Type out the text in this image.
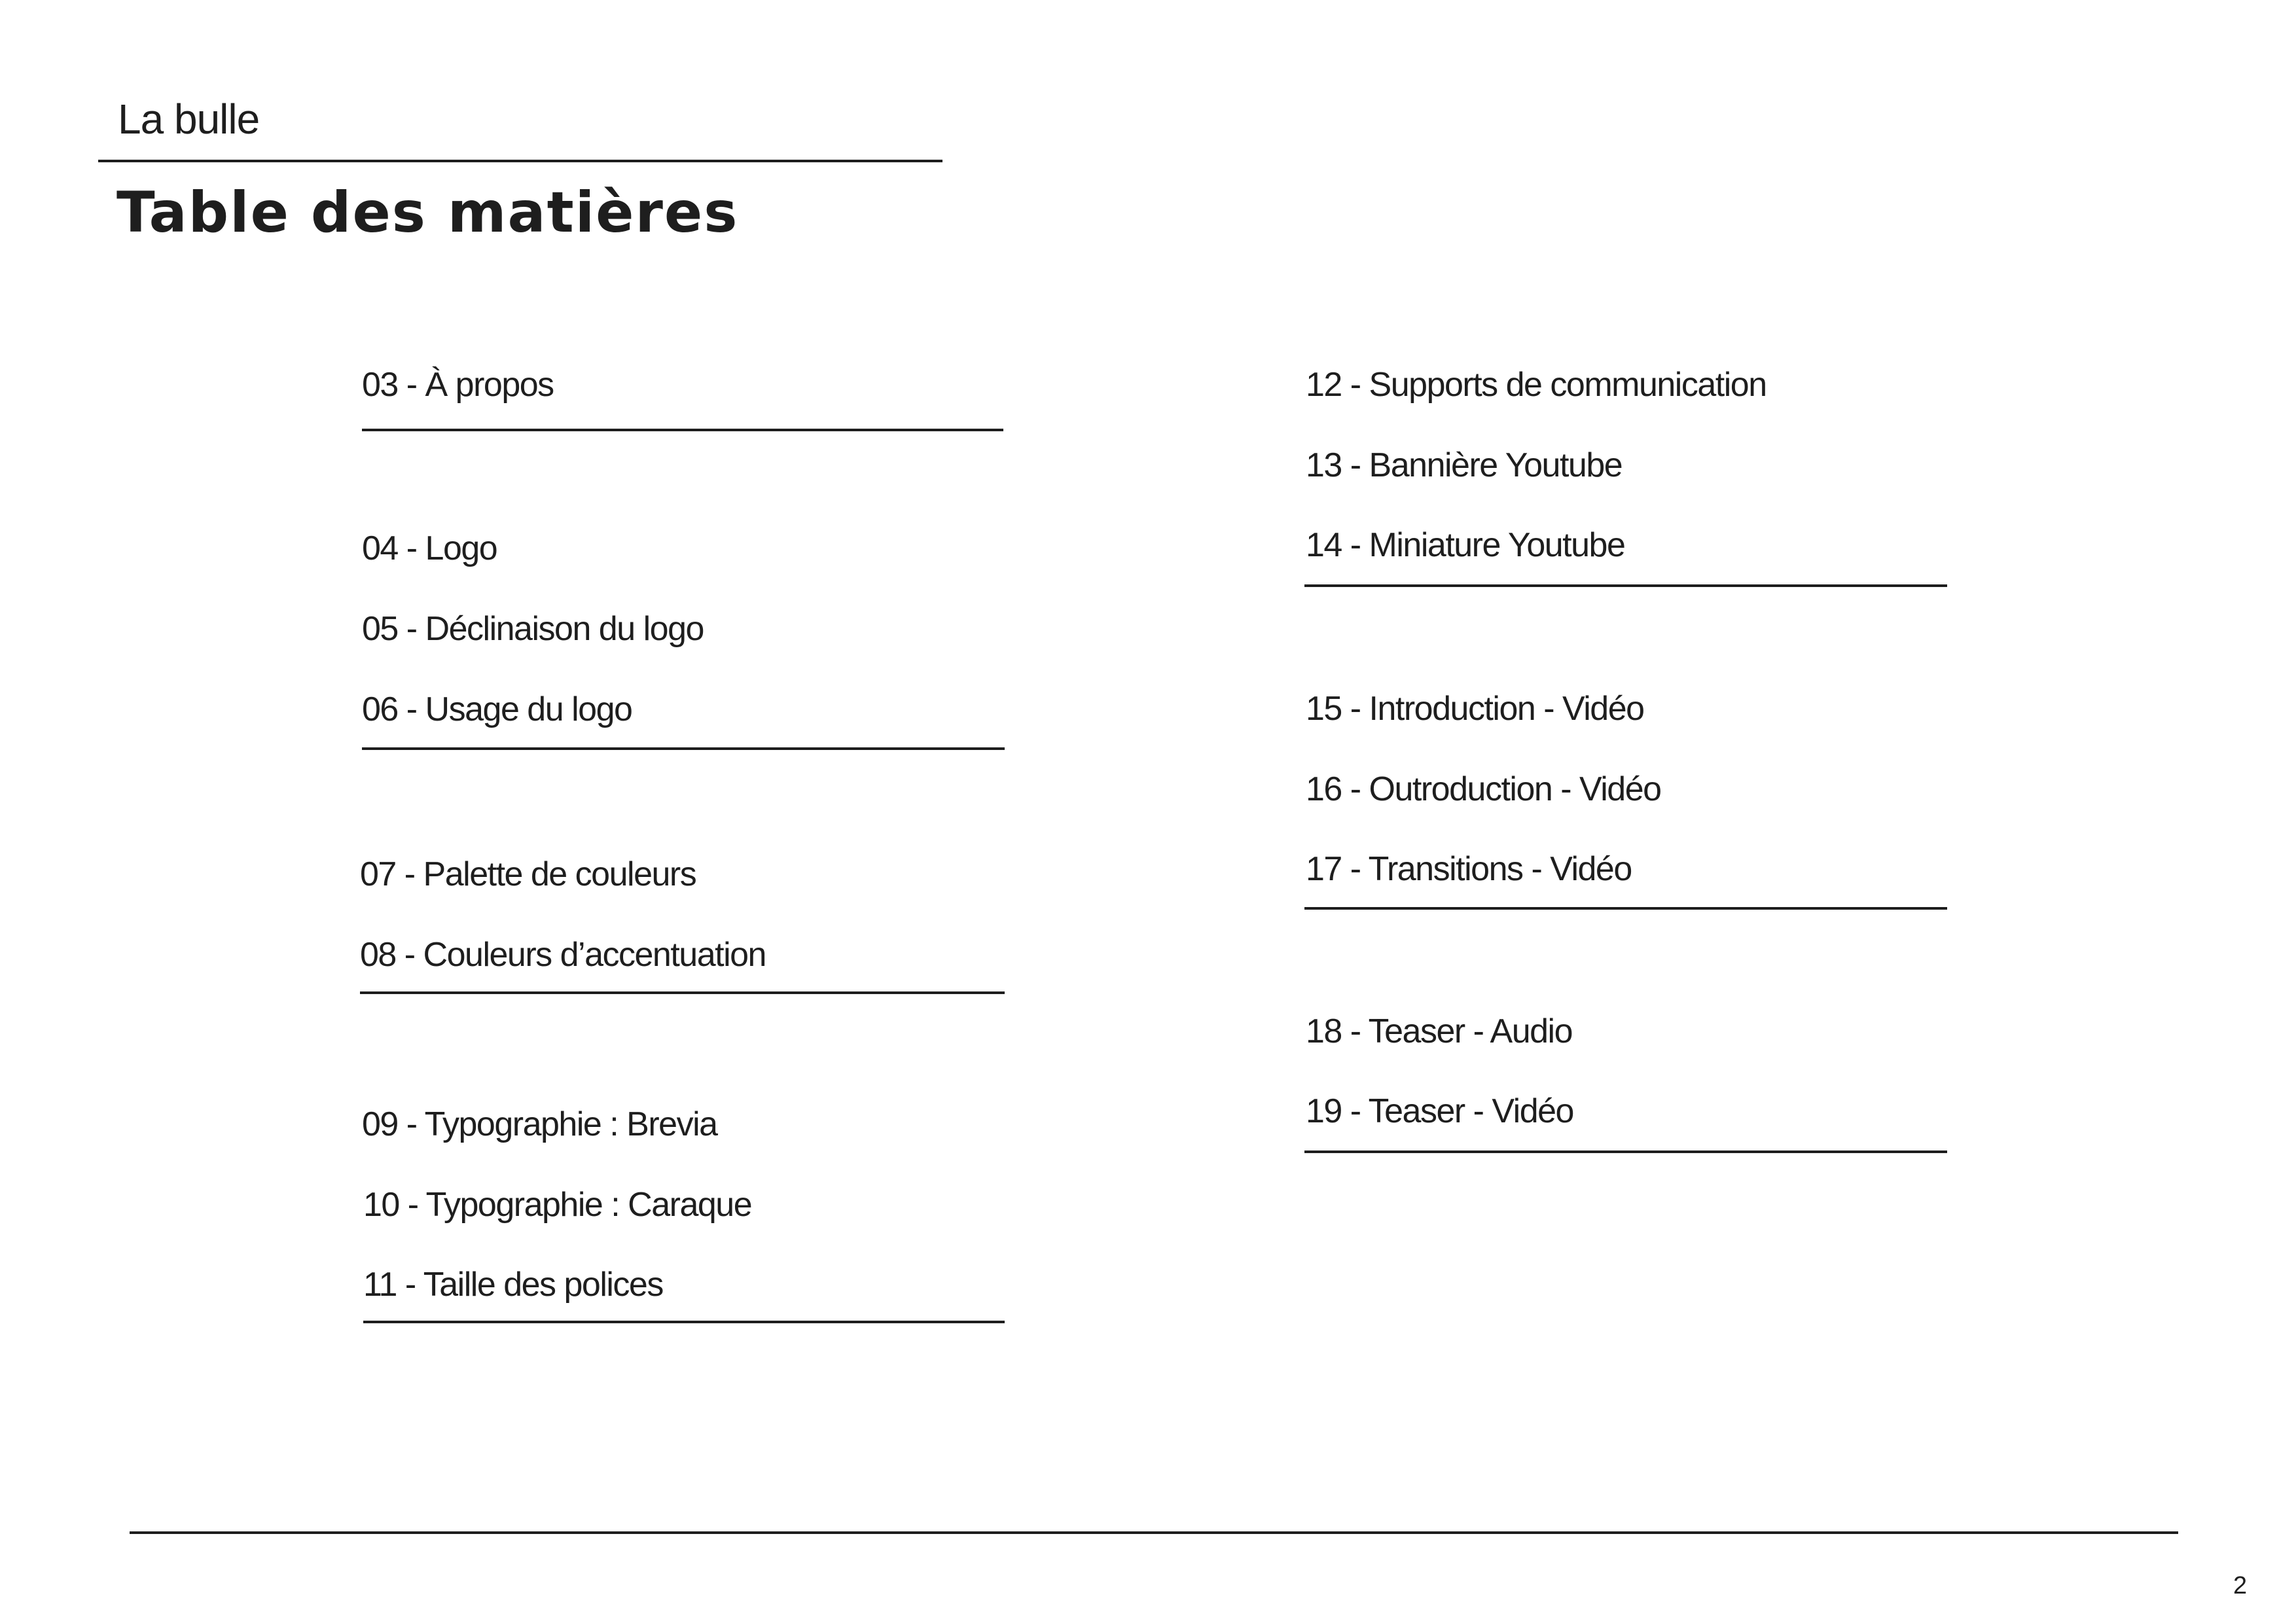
La bulle
Table des matières
03 - À propos
04 - Logo
05 - Déclinaison du logo
06 - Usage du logo
07 - Palette de couleurs
08 - Couleurs d’accentuation
09 - Typographie : Brevia
10 - Typographie : Caraque
11 - Taille des polices
12 - Supports de communication
13 - Bannière Youtube
14 - Miniature Youtube
15 - Introduction - Vidéo
16 - Outroduction - Vidéo
17 - Transitions - Vidéo
18 - Teaser - Audio
19 - Teaser - Vidéo
2
